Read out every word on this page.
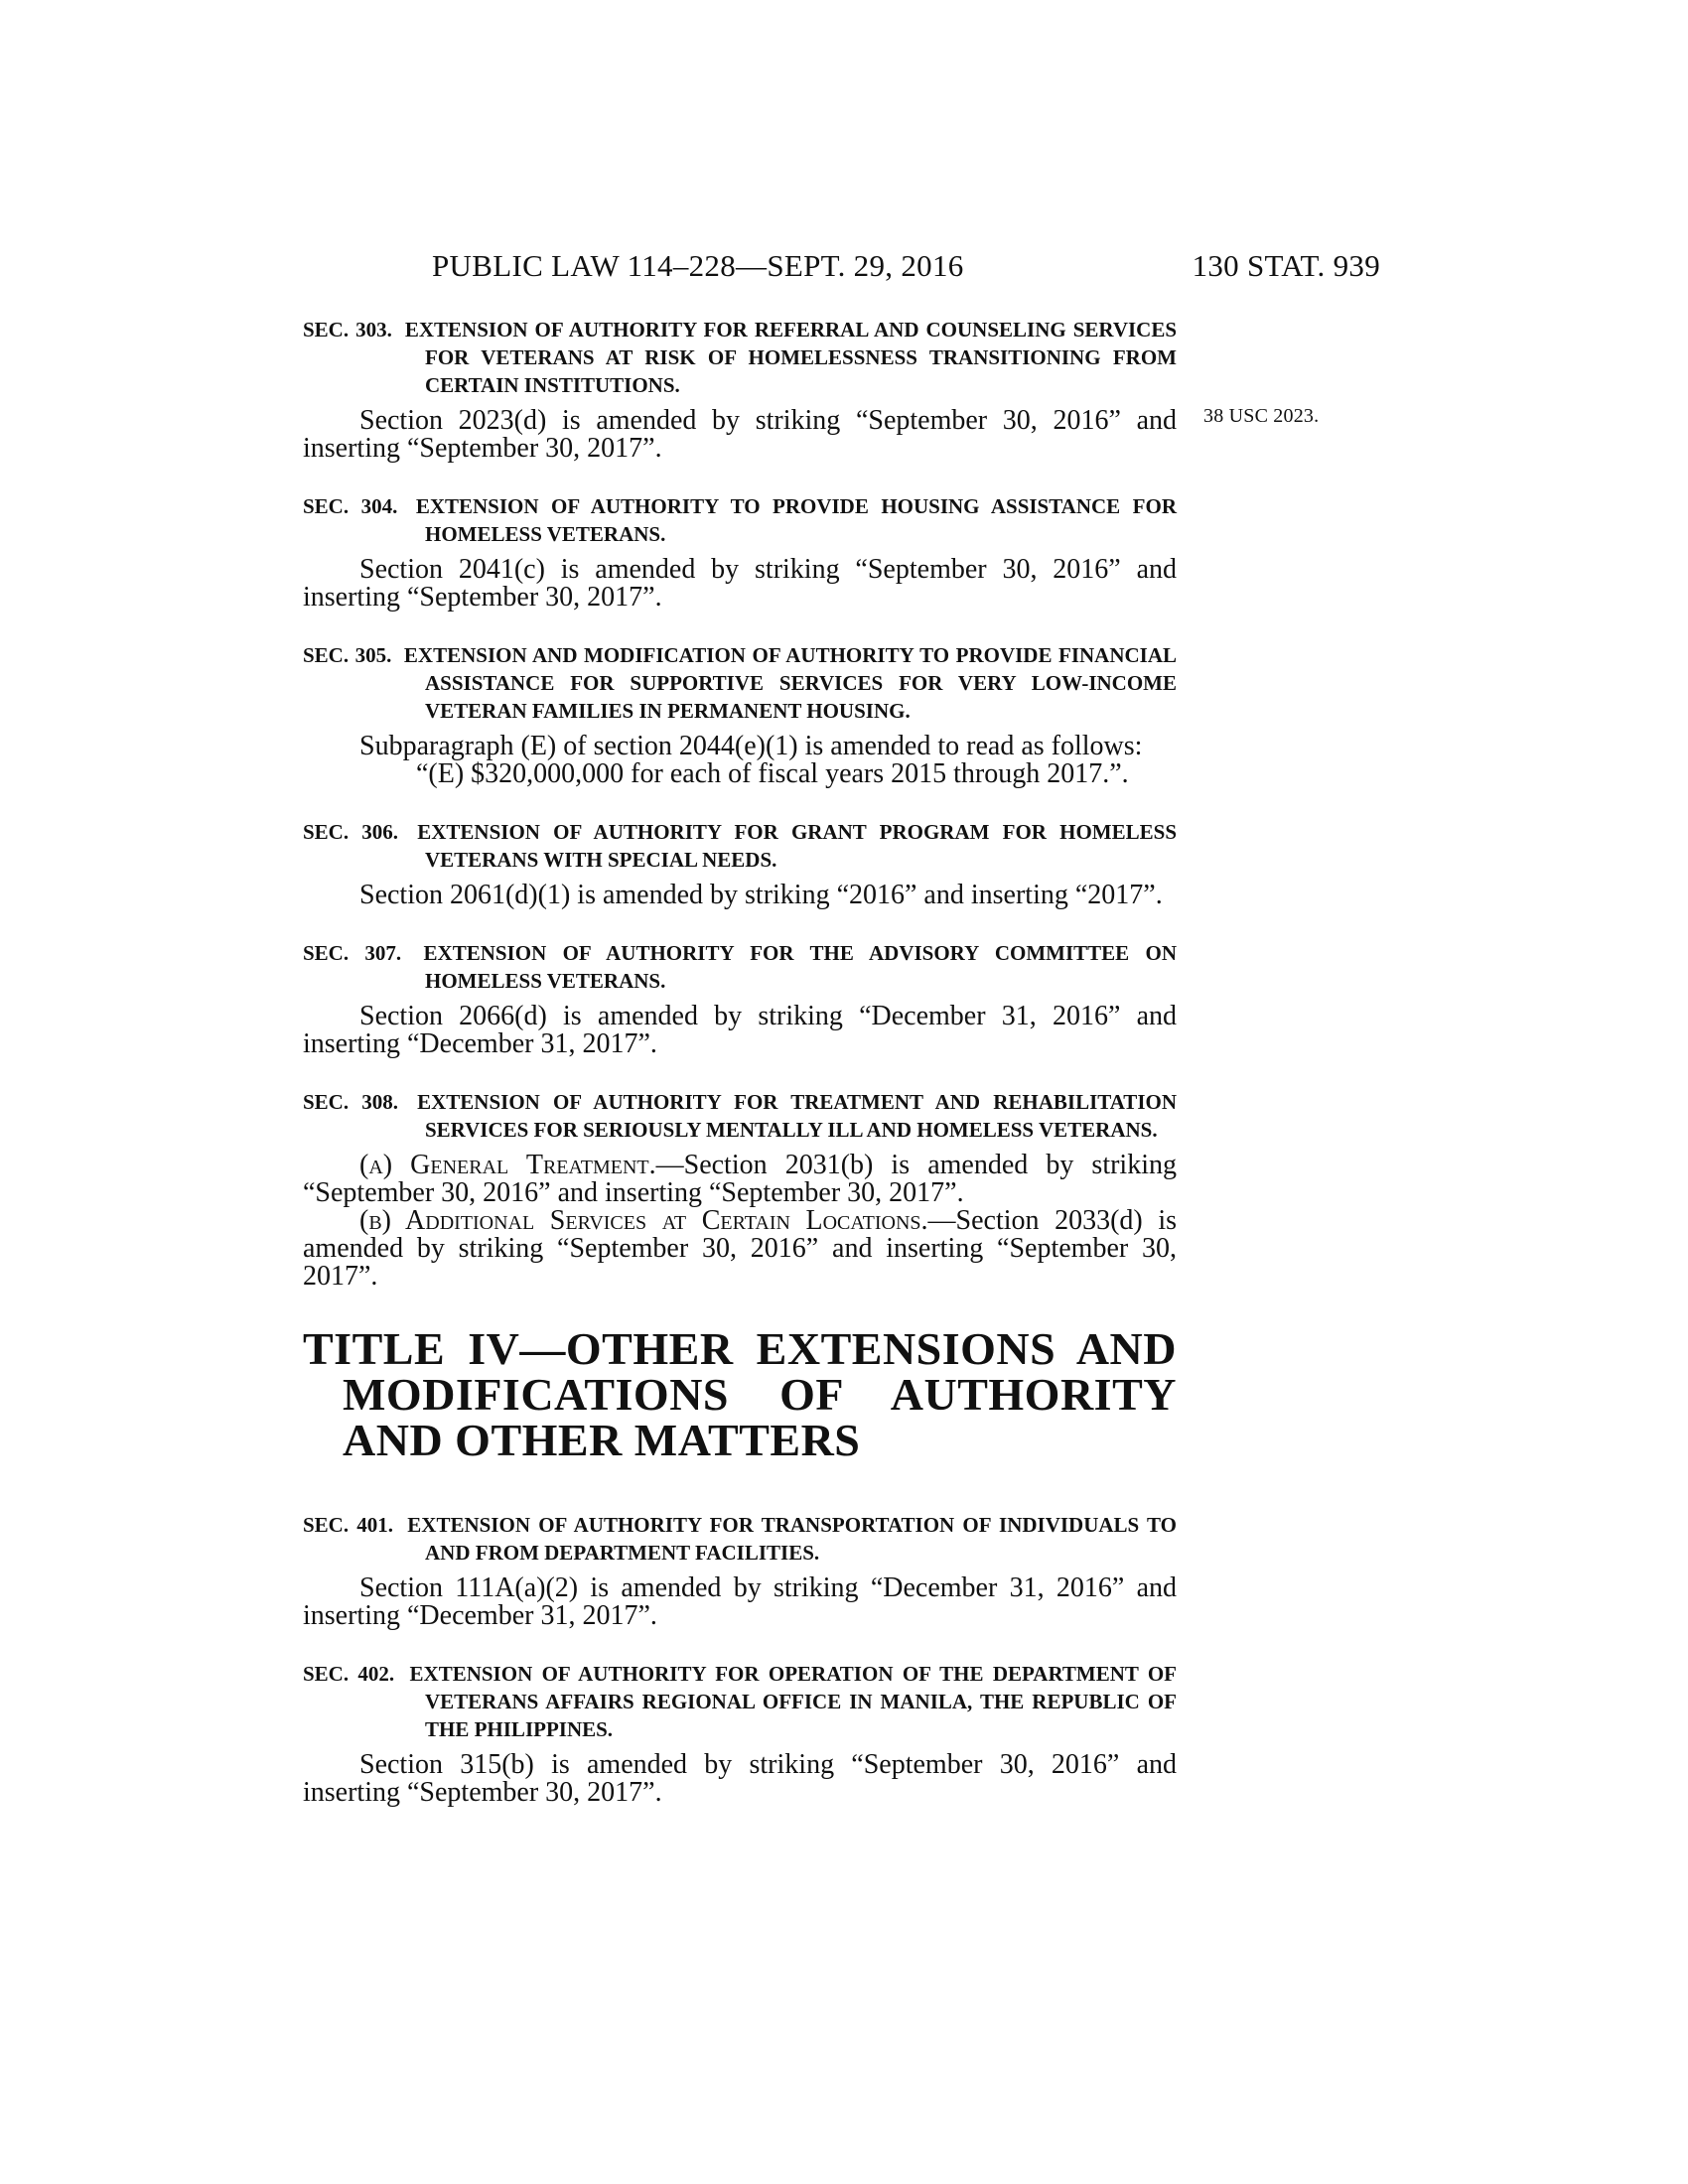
PUBLIC LAW 114–228—SEPT. 29, 2016	130 STAT. 939
38 USC 2023.
SEC. 303. EXTENSION OF AUTHORITY FOR REFERRAL AND COUNSELING SERVICES FOR VETERANS AT RISK OF HOMELESSNESS TRANSITIONING FROM CERTAIN INSTITUTIONS.

Section 2023(d) is amended by striking “September 30, 2016” and inserting “September 30, 2017”.

SEC. 304. EXTENSION OF AUTHORITY TO PROVIDE HOUSING ASSISTANCE FOR HOMELESS VETERANS.

Section 2041(c) is amended by striking “September 30, 2016” and inserting “September 30, 2017”.

SEC. 305. EXTENSION AND MODIFICATION OF AUTHORITY TO PROVIDE FINANCIAL ASSISTANCE FOR SUPPORTIVE SERVICES FOR VERY LOW-INCOME VETERAN FAMILIES IN PERMANENT HOUSING.

Subparagraph (E) of section 2044(e)(1) is amended to read as follows:

“(E) $320,000,000 for each of fiscal years 2015 through 2017.”.

SEC. 306. EXTENSION OF AUTHORITY FOR GRANT PROGRAM FOR HOMELESS VETERANS WITH SPECIAL NEEDS.

Section 2061(d)(1) is amended by striking “2016” and inserting “2017”.

SEC. 307. EXTENSION OF AUTHORITY FOR THE ADVISORY COMMITTEE ON HOMELESS VETERANS.

Section 2066(d) is amended by striking “December 31, 2016” and inserting “December 31, 2017”.

SEC. 308. EXTENSION OF AUTHORITY FOR TREATMENT AND REHABILITATION SERVICES FOR SERIOUSLY MENTALLY ILL AND HOMELESS VETERANS.

(a) General Treatment.—Section 2031(b) is amended by striking “September 30, 2016” and inserting “September 30, 2017”.

(b) Additional Services at Certain Locations.—Section 2033(d) is amended by striking “September 30, 2016” and inserting “September 30, 2017”.

TITLE IV—OTHER EXTENSIONS AND MODIFICATIONS OF AUTHORITY AND OTHER MATTERS
SEC. 401. EXTENSION OF AUTHORITY FOR TRANSPORTATION OF INDIVIDUALS TO AND FROM DEPARTMENT FACILITIES.

Section 111A(a)(2) is amended by striking “December 31, 2016” and inserting “December 31, 2017”.

SEC. 402. EXTENSION OF AUTHORITY FOR OPERATION OF THE DEPARTMENT OF VETERANS AFFAIRS REGIONAL OFFICE IN MANILA, THE REPUBLIC OF THE PHILIPPINES.

Section 315(b) is amended by striking “September 30, 2016” and inserting “September 30, 2017”.
